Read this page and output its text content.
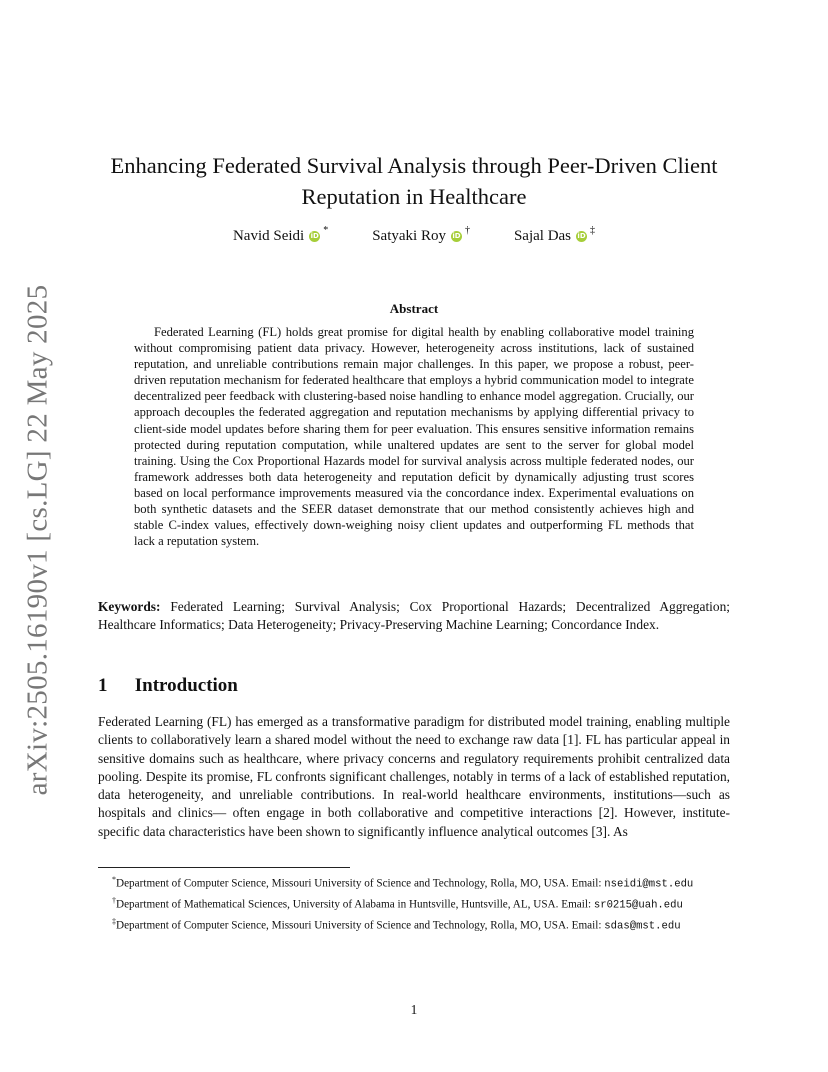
arXiv:2505.16190v1 [cs.LG] 22 May 2025
Enhancing Federated Survival Analysis through Peer-Driven Client Reputation in Healthcare
Navid Seidi iD *	Satyaki Roy iD †	Sajal Das iD ‡
Abstract
Federated Learning (FL) holds great promise for digital health by enabling collaborative model training without compromising patient data privacy. However, heterogeneity across institutions, lack of sustained reputation, and unreliable contributions remain major challenges. In this paper, we propose a robust, peer-driven reputation mechanism for federated healthcare that employs a hybrid communication model to integrate decentralized peer feedback with clustering-based noise handling to enhance model aggregation. Crucially, our approach decouples the federated aggregation and reputation mechanisms by applying differential privacy to client-side model updates before sharing them for peer evaluation. This ensures sensitive information remains protected during reputation computation, while unaltered updates are sent to the server for global model training. Using the Cox Proportional Hazards model for survival analysis across multiple federated nodes, our framework addresses both data heterogeneity and reputation deficit by dynamically adjusting trust scores based on local performance improvements measured via the concordance index. Experimental evaluations on both synthetic datasets and the SEER dataset demonstrate that our method consistently achieves high and stable C-index values, effectively down-weighing noisy client updates and outperforming FL methods that lack a reputation system.
Keywords: Federated Learning; Survival Analysis; Cox Proportional Hazards; Decentralized Aggregation; Healthcare Informatics; Data Heterogeneity; Privacy-Preserving Machine Learning; Concordance Index.
1 Introduction
Federated Learning (FL) has emerged as a transformative paradigm for distributed model training, enabling multiple clients to collaboratively learn a shared model without the need to exchange raw data [1]. FL has particular appeal in sensitive domains such as healthcare, where privacy concerns and regulatory requirements prohibit centralized data pooling. Despite its promise, FL confronts significant challenges, notably in terms of a lack of established reputation, data heterogeneity, and unreliable contributions. In real-world healthcare environments, institutions—such as hospitals and clinics— often engage in both collaborative and competitive interactions [2]. However, institute-specific data characteristics have been shown to significantly influence analytical outcomes [3]. As
*Department of Computer Science, Missouri University of Science and Technology, Rolla, MO, USA. Email: nseidi@mst.edu
†Department of Mathematical Sciences, University of Alabama in Huntsville, Huntsville, AL, USA. Email: sr0215@uah.edu
‡Department of Computer Science, Missouri University of Science and Technology, Rolla, MO, USA. Email: sdas@mst.edu
1
